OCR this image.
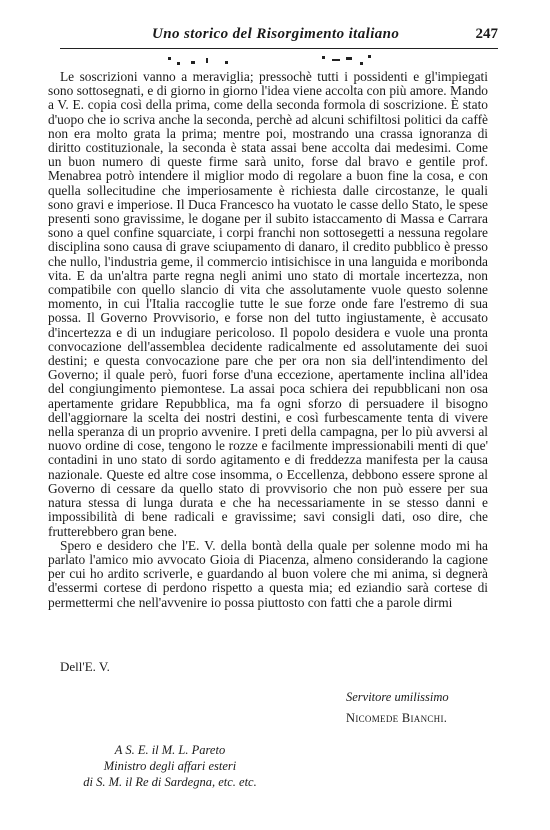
Uno storico del Risorgimento italiano	247

Le soscrizioni vanno a meraviglia; pressochè tutti i possidenti e gl'impiegati sono sottosegnati, e di giorno in giorno l'idea viene accolta con più amore. Mando a V. E. copia così della prima, come della seconda formola di soscrizione. È stato d'uopo che io scriva anche la seconda, perchè ad alcuni schifiltosi politici da caffè non era molto grata la prima; mentre poi, mostrando una crassa ignoranza di diritto costituzionale, la seconda è stata assai bene accolta dai medesimi. Come un buon numero di queste firme sarà unito, forse dal bravo e gentile prof. Menabrea potrò intendere il miglior modo di regolare a buon fine la cosa, e con quella sollecitudine che imperiosamente è richiesta dalle circostanze, le quali sono gravi e imperiose. Il Duca Francesco ha vuotato le casse dello Stato, le spese presenti sono gravissime, le dogane per il subito istaccamento di Massa e Carrara sono a quel confine squarciate, i corpi franchi non sottosegetti a nessuna regolare disciplina sono causa di grave sciupamento di danaro, il credito pubblico è presso che nullo, l'industria geme, il commercio intisichisce in una languida e moribonda vita. E da un'altra parte regna negli animi uno stato di mortale incertezza, non compatibile con quello slancio di vita che assolutamente vuole questo solenne momento, in cui l'Italia raccoglie tutte le sue forze onde fare l'estremo di sua possa. Il Governo Provvisorio, e forse non del tutto ingiustamente, è accusato d'incertezza e di un indugiare pericoloso. Il popolo desidera e vuole una pronta convocazione dell'assemblea decidente radicalmente ed assolutamente dei suoi destini; e questa convocazione pare che per ora non sia dell'intendimento del Governo; il quale però, fuori forse d'una eccezione, apertamente inclina all'idea del congiungimento piemontese. La assai poca schiera dei repubblicani non osa apertamente gridare Repubblica, ma fa ogni sforzo di persuadere il bisogno dell'aggiornare la scelta dei nostri destini, e così furbescamente tenta di vivere nella speranza di un proprio avvenire. I preti della campagna, per lo più avversi al nuovo ordine di cose, tengono le rozze e facilmente impressionabili menti di que' contadini in uno stato di sordo agitamento e di freddezza manifesta per la causa nazionale. Queste ed altre cose insomma, o Eccellenza, debbono essere sprone al Governo di cessare da quello stato di provvisorio che non può essere per sua natura stessa di lunga durata e che ha necessariamente in se stesso danni e impossibilità di bene radicali e gravissime; savi consigli dati, oso dire, che frutterebbero gran bene.
Spero e desidero che l'E. V. della bontà della quale per solenne modo mi ha parlato l'amico mio avvocato Gioia di Piacenza, almeno considerando la cagione per cui ho ardito scriverle, e guardando al buon volere che mi anima, si degnerà d'essermi cortese di perdono rispetto a questa mia; ed eziandio sarà cortese di permettermi che nell'avvenire io possa piuttosto con fatti che a parole dirmi

Dell'E. V.
Servitore umilissimo
Nicomede Bianchi.
A S. E. il M. L. Pareto
Ministro degli affari esteri
di S. M. il Re di Sardegna, etc. etc.
